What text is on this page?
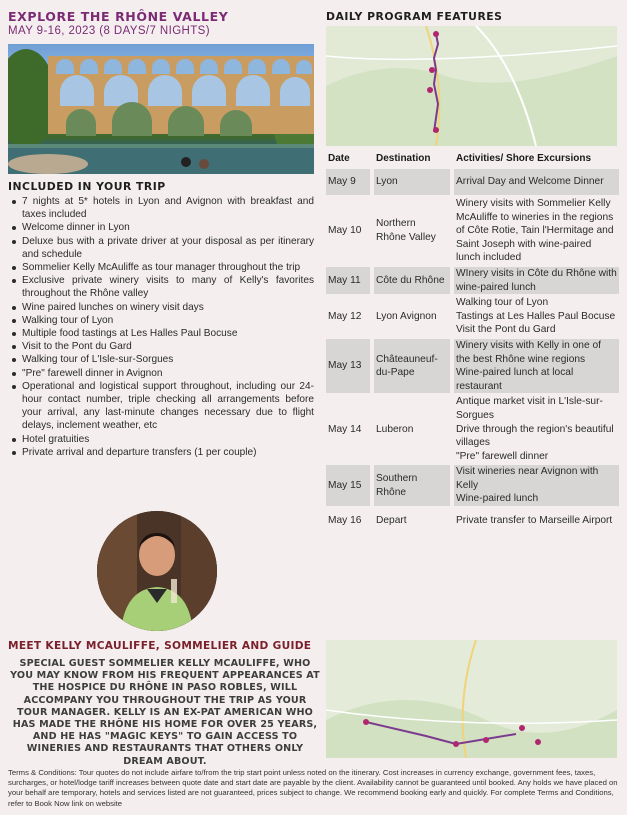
EXPLORE THE RHÔNE VALLEY
MAY 9-16, 2023 (8 DAYS/7 NIGHTS)
INCLUDED IN YOUR TRIP
7 nights at 5* hotels in Lyon and Avignon with breakfast and taxes included
Welcome dinner in Lyon
Deluxe bus with a private driver at your disposal as per itinerary and schedule
Sommelier Kelly McAuliffe as tour manager throughout the trip
Exclusive private winery visits to many of Kelly's favorites throughout the Rhône valley
Wine paired lunches on winery visit days
Walking tour of Lyon
Multiple food tastings at Les Halles Paul Bocuse
Visit to the Pont du Gard
Walking tour of L'Isle-sur-Sorgues
"Pre" farewell dinner in Avignon
Operational and logistical support throughout, including our 24-hour contact number, triple checking all arrangements before your arrival, any last-minute changes necessary due to flight delays, inclement weather, etc
Hotel gratuities
Private arrival and departure transfers (1 per couple)
MEET KELLY MCAULIFFE, SOMMELIER AND GUIDE
SPECIAL GUEST SOMMELIER KELLY MCAULIFFE, WHO YOU MAY KNOW FROM HIS FREQUENT APPEARANCES AT THE HOSPICE DU RHÔNE IN PASO ROBLES, WILL ACCOMPANY YOU THROUGHOUT THE TRIP AS YOUR TOUR MANAGER. KELLY IS AN EX-PAT AMERICAN WHO HAS MADE THE RHÔNE HIS HOME FOR OVER 25 YEARS, AND HE HAS "MAGIC KEYS" TO GAIN ACCESS TO WINERIES AND RESTAURANTS THAT OTHERS ONLY DREAM ABOUT.
DAILY PROGRAM FEATURES
Date		Destination		Activities/ Shore Excursions
May 9		Lyon		Arrival Day and Welcome Dinner
May 10		Northern Rhône Valley		Winery visits with Sommelier Kelly McAuliffe to wineries in the regions of Côte Rotie, Tain l'Hermitage and Saint Joseph with wine-paired lunch included
May 11		Côte du Rhône		WInery visits in Côte du Rhône with wine-paired lunch
May 12		Lyon Avignon		Walking tour of Lyon
Tastings at Les Halles Paul Bocuse
Visit the Pont du Gard
May 13		Châteauneuf-du-Pape		Winery visits with Kelly in one of the best Rhône wine regions
Wine-paired lunch at local restaurant
May 14		Luberon		Antique market visit in L'Isle-sur-Sorgues
Drive through the region's beautiful villages
"Pre" farewell dinner
May 15		Southern Rhône		Visit wineries near Avignon with Kelly
Wine-paired lunch
May 16		Depart		Private transfer to Marseille Airport
Terms & Conditions: Tour quotes do not include airfare to/from the trip start point unless noted on the itinerary. Cost increases in currency exchange, government fees, taxes, surcharges, or hotel/lodge tariff increases between quote date and start date are payable by the client. Availability cannot be guaranteed until booked. Any holds we have placed on your behalf are temporary, hotels and services listed are not guaranteed, prices subject to change. We recommend booking early and quickly. For complete Terms and Conditions, refer to Book Now link on website
